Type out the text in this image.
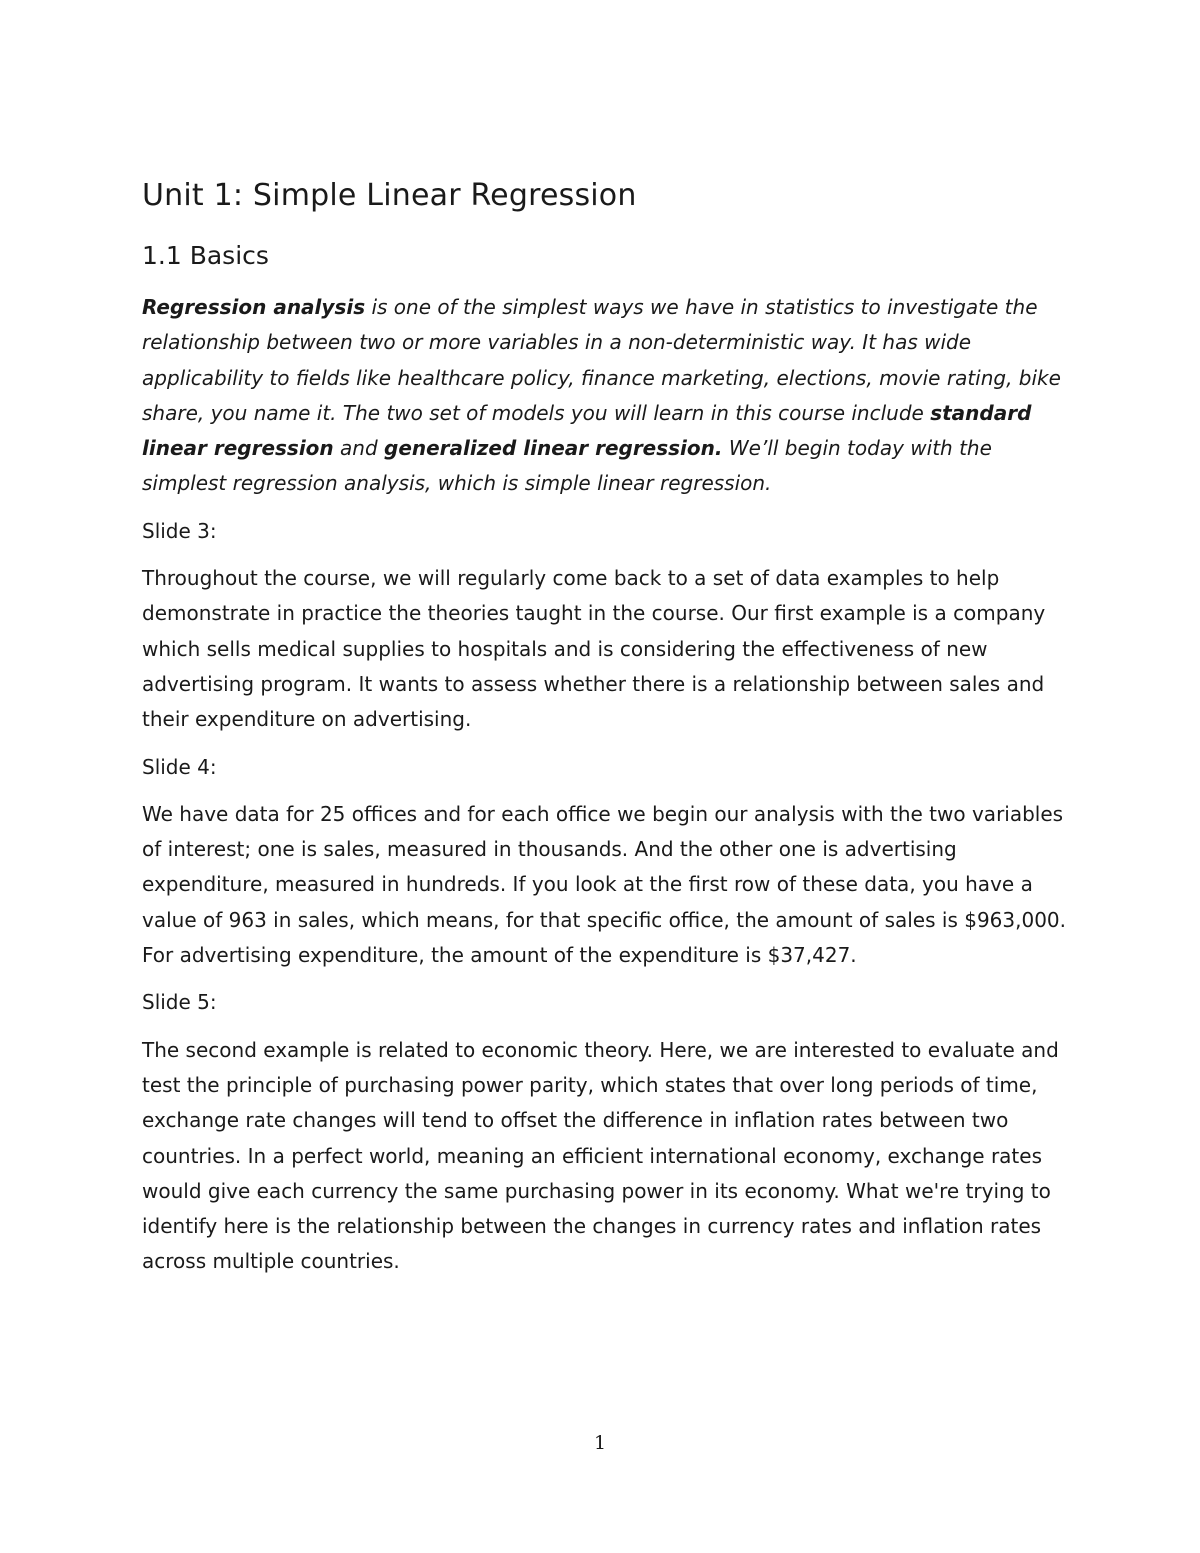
Unit 1: Simple Linear Regression
1.1 Basics

Regression analysis is one of the simplest ways we have in statistics to investigate the relationship between two or more variables in a non-deterministic way. It has wide applicability to fields like healthcare policy, finance marketing, elections, movie rating, bike share, you name it. The two set of models you will learn in this course include standard linear regression and generalized linear regression. We’ll begin today with the simplest regression analysis, which is simple linear regression.

Slide 3:

Throughout the course, we will regularly come back to a set of data examples to help demonstrate in practice the theories taught in the course. Our first example is a company which sells medical supplies to hospitals and is considering the effectiveness of new advertising program. It wants to assess whether there is a relationship between sales and their expenditure on advertising.

Slide 4:

We have data for 25 offices and for each office we begin our analysis with the two variables of interest; one is sales, measured in thousands. And the other one is advertising expenditure, measured in hundreds. If you look at the first row of these data, you have a value of 963 in sales, which means, for that specific office, the amount of sales is $963,000. For advertising expenditure, the amount of the expenditure is $37,427.

Slide 5:

The second example is related to economic theory. Here, we are interested to evaluate and test the principle of purchasing power parity, which states that over long periods of time, exchange rate changes will tend to offset the difference in inflation rates between two countries. In a perfect world, meaning an efficient international economy, exchange rates would give each currency the same purchasing power in its economy. What we're trying to identify here is the relationship between the changes in currency rates and inflation rates across multiple countries.

1
